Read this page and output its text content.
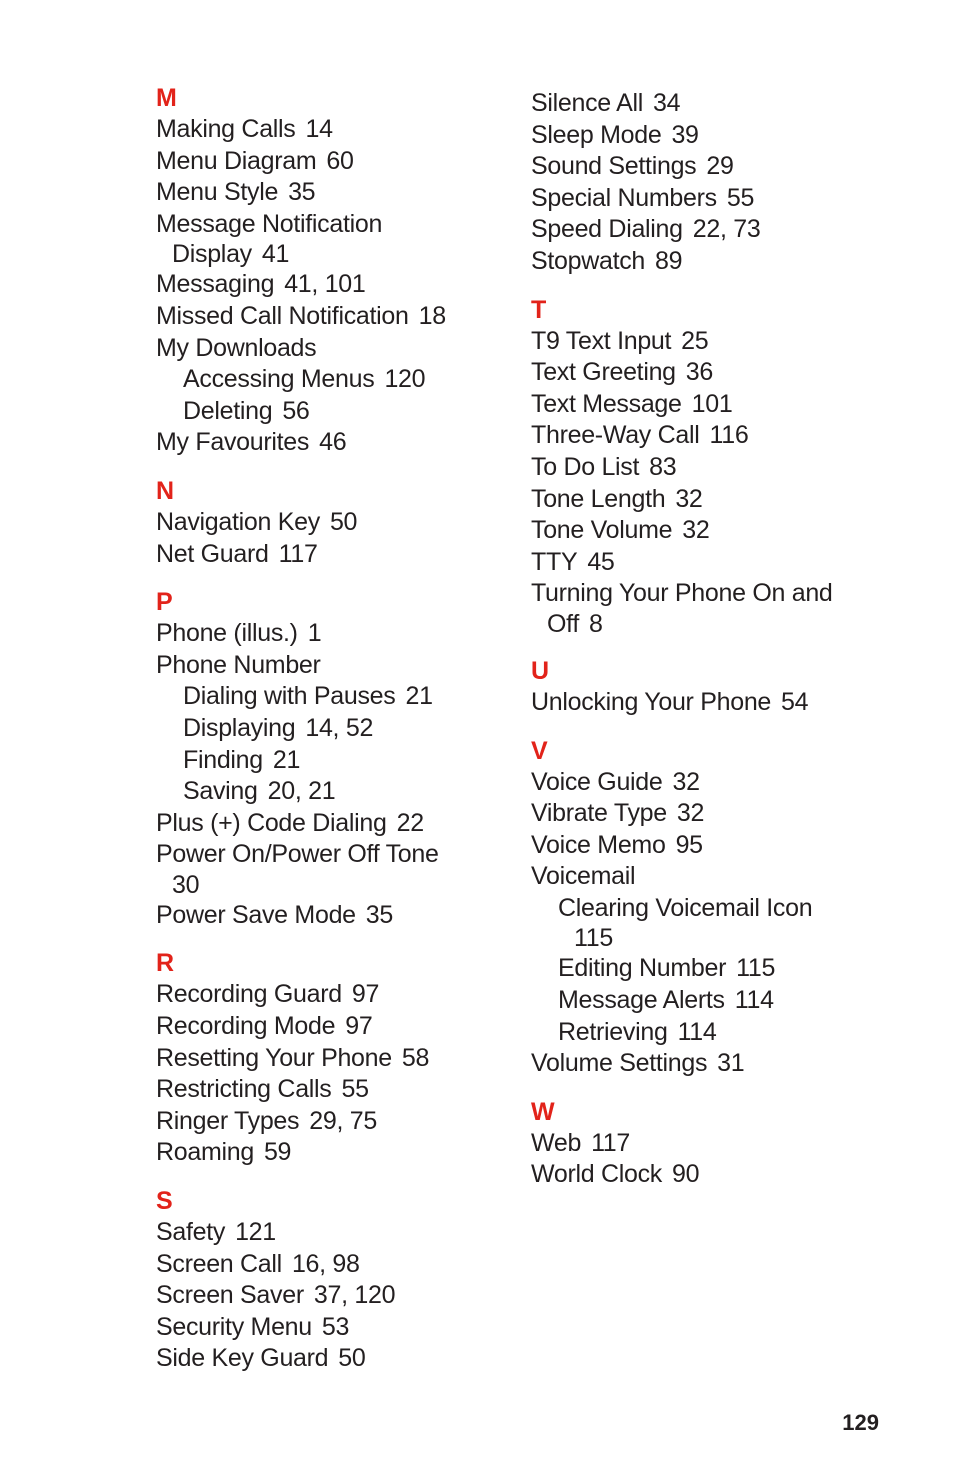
M
Making Calls 14
Menu Diagram 60
Menu Style 35
Message Notification
Display 41
Messaging 41, 101
Missed Call Notification 18
My Downloads
Accessing Menus 120
Deleting 56
My Favourites 46
N
Navigation Key 50
Net Guard 117
P
Phone (illus.) 1
Phone Number
Dialing with Pauses 21
Displaying 14, 52
Finding 21
Saving 20, 21
Plus (+) Code Dialing 22
Power On/Power Off Tone
30
Power Save Mode 35
R
Recording Guard 97
Recording Mode 97
Resetting Your Phone 58
Restricting Calls 55
Ringer Types 29, 75
Roaming 59
S
Safety 121
Screen Call 16, 98
Screen Saver 37, 120
Security Menu 53
Side Key Guard 50
Silence All 34
Sleep Mode 39
Sound Settings 29
Special Numbers 55
Speed Dialing 22, 73
Stopwatch 89
T
T9 Text Input 25
Text Greeting 36
Text Message 101
Three-Way Call 116
To Do List 83
Tone Length 32
Tone Volume 32
TTY 45
Turning Your Phone On and
Off 8
U
Unlocking Your Phone 54
V
Voice Guide 32
Vibrate Type 32
Voice Memo 95
Voicemail
Clearing Voicemail Icon
115
Editing Number 115
Message Alerts 114
Retrieving 114
Volume Settings 31
W
Web 117
World Clock 90
129
